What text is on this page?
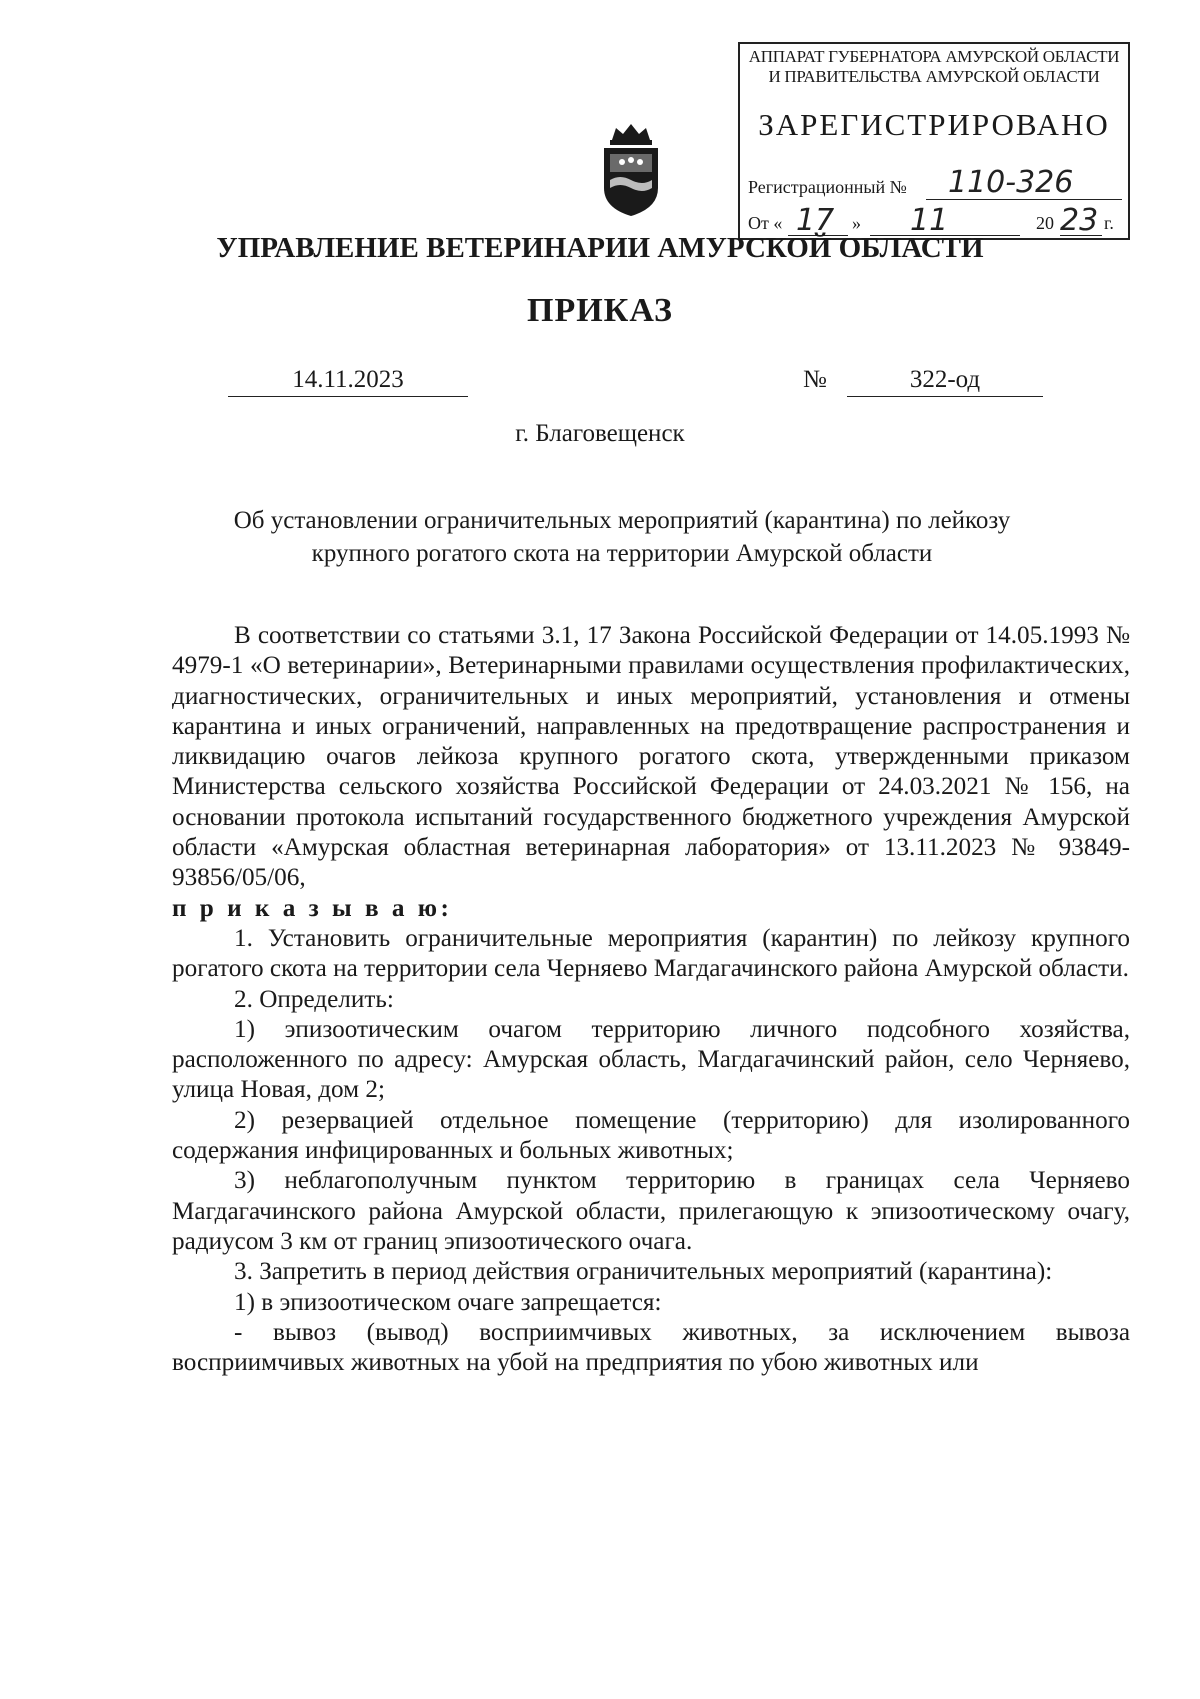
АППАРАТ ГУБЕРНАТОРА АМУРСКОЙ ОБЛАСТИ
И ПРАВИТЕЛЬСТВА АМУРСКОЙ ОБЛАСТИ
ЗАРЕГИСТРИРОВАНО
Регистрационный № 110-326
От « 17 » 11	20 23 г.
УПРАВЛЕНИЕ ВЕТЕРИНАРИИ АМУРСКОЙ ОБЛАСТИ
ПРИКАЗ
14.11.2023	№	322-од
г. Благовещенск
Об установлении ограничительных мероприятий (карантина) по лейкозу
крупного рогатого скота на территории Амурской области

В соответствии со статьями 3.1, 17 Закона Российской Федерации от 14.05.1993 № 4979-1 «О ветеринарии», Ветеринарными правилами осуществления профилактических, диагностических, ограничительных и иных мероприятий, установления и отмены карантина и иных ограничений, направленных на предотвращение распространения и ликвидацию очагов лейкоза крупного рогатого скота, утвержденными приказом Министерства сельского хозяйства Российской Федерации от 24.03.2021 № 156, на основании протокола испытаний государственного бюджетного учреждения Амурской области «Амурская областная ветеринарная лаборатория» от 13.11.2023 № 93849-93856/05/06,

п р и к а з ы в а ю:

1. Установить ограничительные мероприятия (карантин) по лейкозу крупного рогатого скота на территории села Черняево Магдагачинского района Амурской области.

2. Определить:

1) эпизоотическим очагом территорию личного подсобного хозяйства, расположенного по адресу: Амурская область, Магдагачинский район, село Черняево, улица Новая, дом 2;

2) резервацией отдельное помещение (территорию) для изолированного содержания инфицированных и больных животных;

3) неблагополучным пунктом территорию в границах села Черняево Магдагачинского района Амурской области, прилегающую к эпизоотическому очагу, радиусом 3 км от границ эпизоотического очага.

3. Запретить в период действия ограничительных мероприятий (карантина):

1) в эпизоотическом очаге запрещается:

- вывоз (вывод) восприимчивых животных, за исключением вывоза восприимчивых животных на убой на предприятия по убою животных или
